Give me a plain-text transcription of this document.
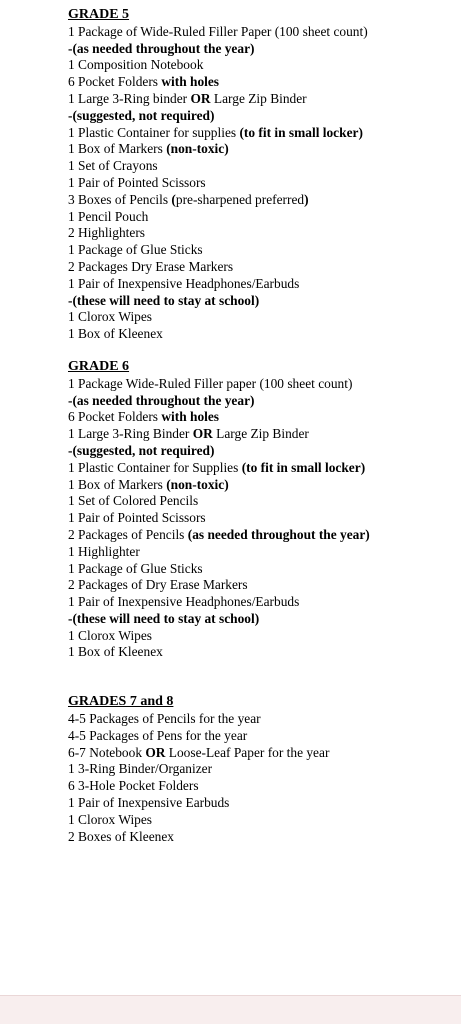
GRADE 5
1 Package of Wide-Ruled Filler Paper (100 sheet count)
-(as needed throughout the year)
1 Composition Notebook
6 Pocket Folders with holes
1 Large 3-Ring binder OR Large Zip Binder
-(suggested, not required)
1 Plastic Container for supplies (to fit in small locker)
1 Box of Markers (non-toxic)
1 Set of Crayons
1 Pair of Pointed Scissors
3 Boxes of Pencils (pre-sharpened preferred)
1 Pencil Pouch
2 Highlighters
1 Package of Glue Sticks
2 Packages Dry Erase Markers
1 Pair of Inexpensive Headphones/Earbuds
-(these will need to stay at school)
1 Clorox Wipes
1 Box of Kleenex
GRADE 6
1 Package Wide-Ruled Filler paper (100 sheet count)
-(as needed throughout the year)
6 Pocket Folders with holes
1 Large 3-Ring Binder OR Large Zip Binder
-(suggested, not required)
1 Plastic Container for Supplies (to fit in small locker)
1 Box of Markers (non-toxic)
1 Set of Colored Pencils
1 Pair of Pointed Scissors
2 Packages of Pencils (as needed throughout the year)
1 Highlighter
1 Package of Glue Sticks
2 Packages of Dry Erase Markers
1 Pair of Inexpensive Headphones/Earbuds
-(these will need to stay at school)
1 Clorox Wipes
1 Box of Kleenex
GRADES 7 and 8
4-5 Packages of Pencils for the year
4-5 Packages of Pens for the year
6-7 Notebook OR Loose-Leaf Paper for the year
1 3-Ring Binder/Organizer
6 3-Hole Pocket Folders
1 Pair of Inexpensive Earbuds
1 Clorox Wipes
2 Boxes of Kleenex
